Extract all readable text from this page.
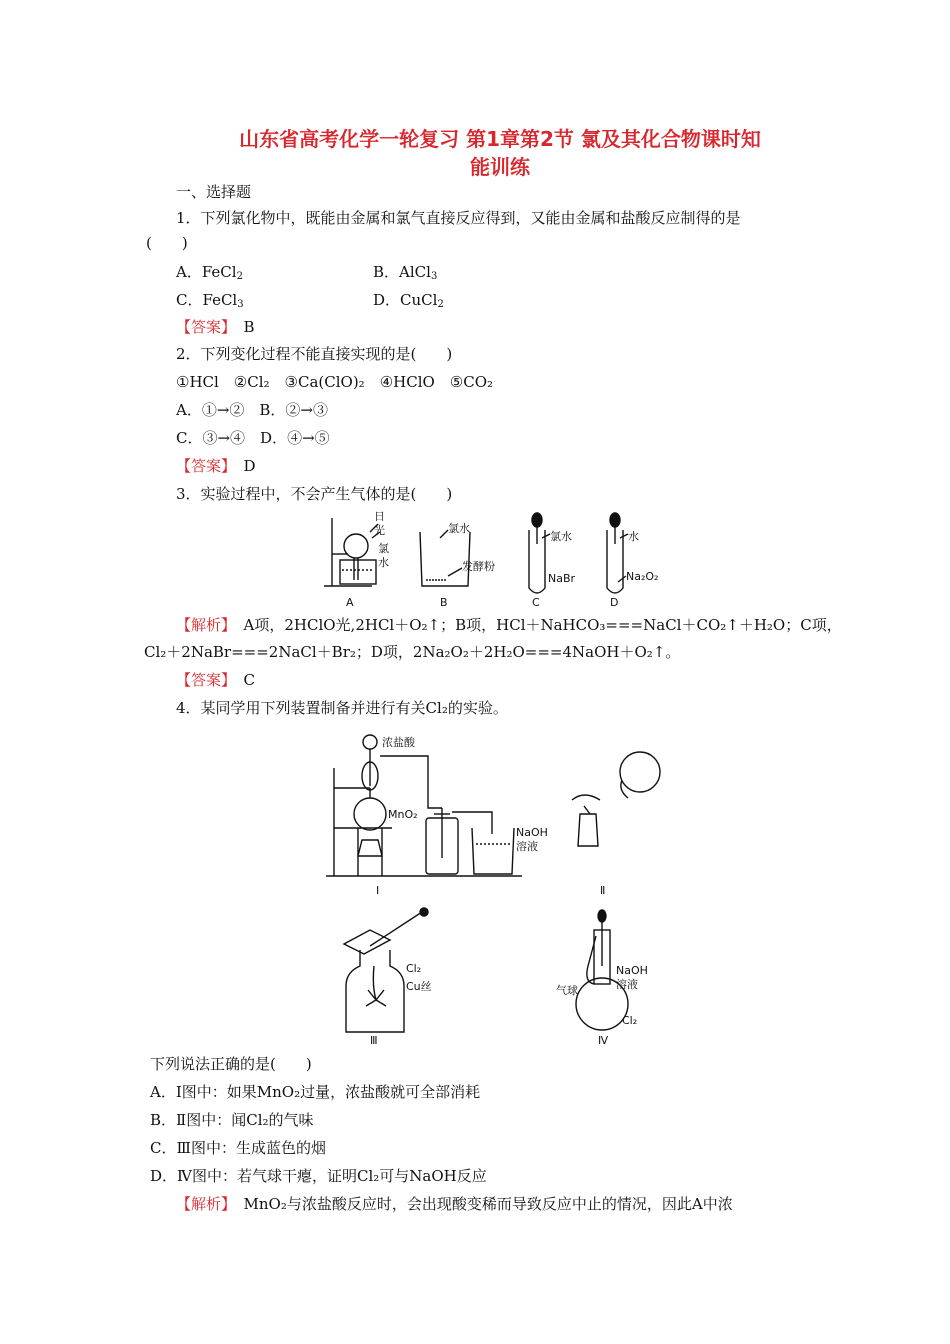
山东省高考化学一轮复习 第1章第2节 氯及其化合物课时知
能训练
一、选择题
1．下列氯化物中，既能由金属和氯气直接反应得到，又能由金属和盐酸反应制得的是
(　　)
A．FeCl$_2$	B．AlCl$_3$
C．FeCl$_3$	D．CuCl$_2$
【答案】　 B
2．下列变化过程不能直接实现的是(　　)
①HCl　②Cl₂　③Ca(ClO)₂　④HClO　⑤CO₂
A．①→②　B．②→③
C．③→④　D．④→⑤
【答案】　 D
3．实验过程中，不会产生气体的是(　　)
日
光
氯
水
氯水
发酵粉
氯水
NaBr
水
Na₂O₂
A	B	C	D
【解析】　 A项，2HClO光,2HCl＋O₂↑；B项，HCl＋NaHCO₃===NaCl＋CO₂↑＋H₂O；C项，
Cl₂＋2NaBr===2NaCl＋Br₂；D项，2Na₂O₂＋2H₂O===4NaOH＋O₂↑。
【答案】　 C
4．某同学用下列装置制备并进行有关Cl₂的实验。
浓盐酸
MnO₂
NaOH
溶液
Ⅰ	Ⅱ
Cl₂
Cu丝
Ⅲ
气球
NaOH
溶液
Cl₂
Ⅳ
下列说法正确的是(　　)
A．Ⅰ图中：如果MnO₂过量，浓盐酸就可全部消耗
B．Ⅱ图中：闻Cl₂的气味
C．Ⅲ图中：生成蓝色的烟
D．Ⅳ图中：若气球干瘪，证明Cl₂可与NaOH反应
【解析】　 MnO₂与浓盐酸反应时，会出现酸变稀而导致反应中止的情况，因此A中浓
